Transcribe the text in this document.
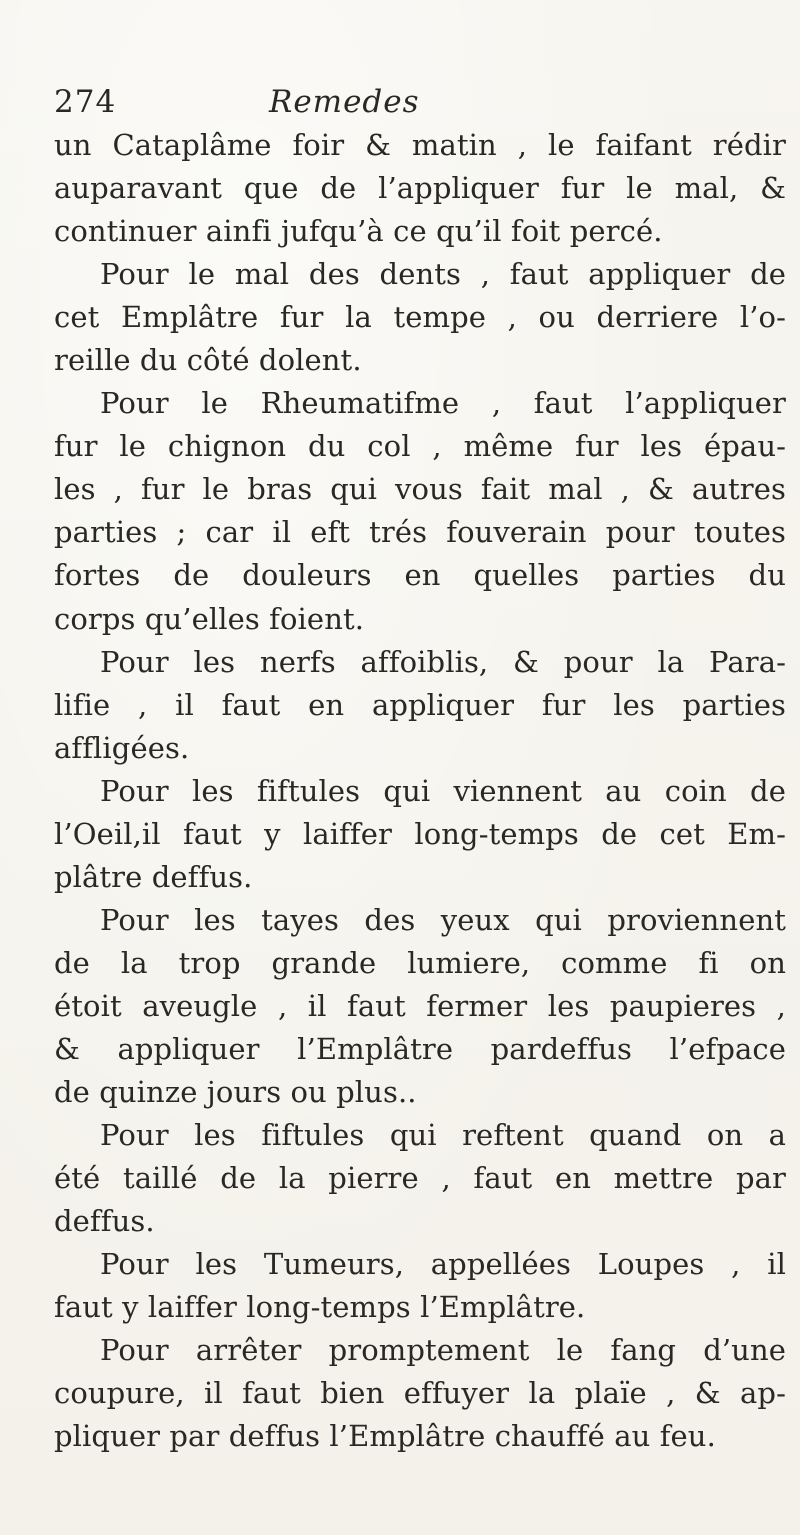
274	Remedes
un Cataplâme foir & matin , le faifant rédir
auparavant que de l’appliquer fur le mal, &
continuer ainfi jufqu’à ce qu’il foit percé.
Pour le mal des dents , faut appliquer de
cet Emplâtre fur la tempe , ou derriere l’o-
reille du côté dolent.
Pour le Rheumatifme , faut l’appliquer
fur le chignon du col , même fur les épau-
les , fur le bras qui vous fait mal , & autres
parties ; car il eft trés fouverain pour toutes
fortes de douleurs en quelles parties du
corps qu’elles foient.
Pour les nerfs affoiblis, & pour la Para-
lifie , il faut en appliquer fur les parties
affligées.
Pour les fiftules qui viennent au coin de
l’Oeil,il faut y laiffer long-temps de cet Em-
plâtre deffus.
Pour les tayes des yeux qui proviennent
de la trop grande lumiere, comme fi on
étoit aveugle , il faut fermer les paupieres ,
& appliquer l’Emplâtre pardeffus l’efpace
de quinze jours ou plus..
Pour les fiftules qui reftent quand on a
été taillé de la pierre , faut en mettre par
deffus.
Pour les Tumeurs, appellées Loupes , il
faut y laiffer long-temps l’Emplâtre.
Pour arrêter promptement le fang d’une
coupure, il faut bien effuyer la plaïe , & ap-
pliquer par deffus l’Emplâtre chauffé au feu.
